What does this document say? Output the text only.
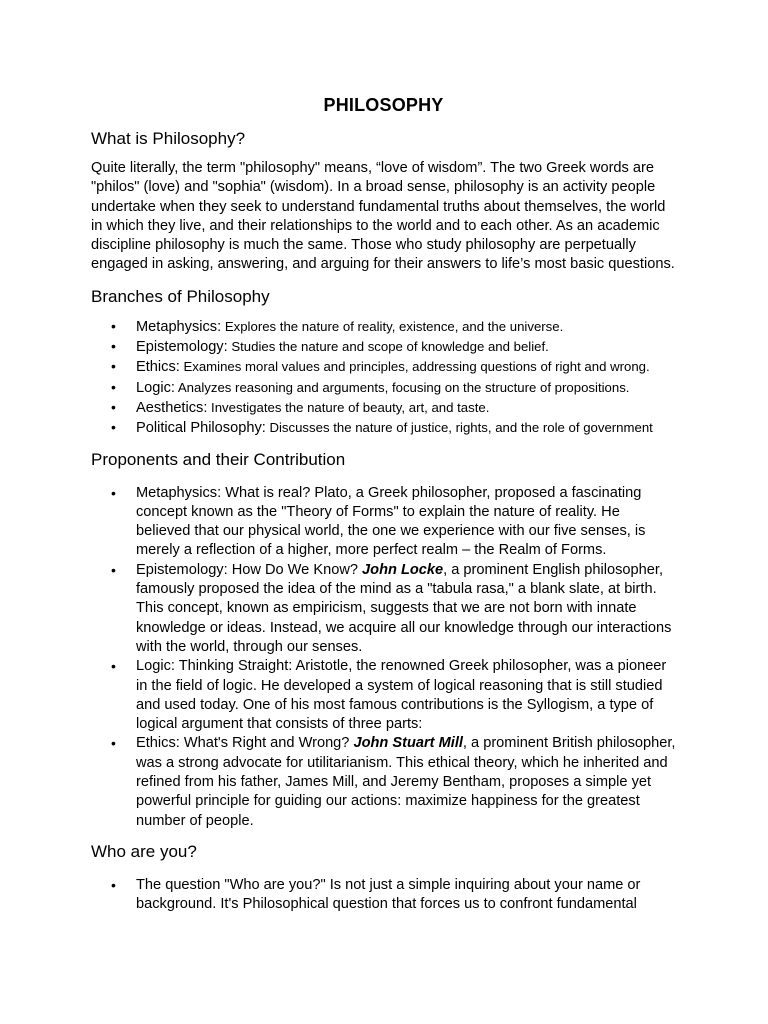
PHILOSOPHY
What is Philosophy?

Quite literally, the term "philosophy" means, “love of wisdom”. The two Greek words are "philos" (love) and "sophia" (wisdom). In a broad sense, philosophy is an activity people undertake when they seek to understand fundamental truths about themselves, the world in which they live, and their relationships to the world and to each other. As an academic discipline philosophy is much the same. Those who study philosophy are perpetually engaged in asking, answering, and arguing for their answers to life’s most basic questions.

Branches of Philosophy
• Metaphysics: Explores the nature of reality, existence, and the universe.
• Epistemology: Studies the nature and scope of knowledge and belief.
• Ethics: Examines moral values and principles, addressing questions of right and wrong.
• Logic: Analyzes reasoning and arguments, focusing on the structure of propositions.
• Aesthetics: Investigates the nature of beauty, art, and taste.
• Political Philosophy: Discusses the nature of justice, rights, and the role of government
Proponents and their Contribution
• Metaphysics: What is real? Plato, a Greek philosopher, proposed a fascinating concept known as the "Theory of Forms" to explain the nature of reality. He believed that our physical world, the one we experience with our five senses, is merely a reflection of a higher, more perfect realm – the Realm of Forms.
• Epistemology: How Do We Know? John Locke, a prominent English philosopher, famously proposed the idea of the mind as a "tabula rasa," a blank slate, at birth. This concept, known as empiricism, suggests that we are not born with innate knowledge or ideas. Instead, we acquire all our knowledge through our interactions with the world, through our senses.
• Logic: Thinking Straight: Aristotle, the renowned Greek philosopher, was a pioneer in the field of logic. He developed a system of logical reasoning that is still studied and used today. One of his most famous contributions is the Syllogism, a type of logical argument that consists of three parts:
• Ethics: What's Right and Wrong? John Stuart Mill, a prominent British philosopher, was a strong advocate for utilitarianism. This ethical theory, which he inherited and refined from his father, James Mill, and Jeremy Bentham, proposes a simple yet powerful principle for guiding our actions: maximize happiness for the greatest number of people.
Who are you?
• The question "Who are you?" Is not just a simple inquiring about your name or background. It's Philosophical question that forces us to confront fundamental
